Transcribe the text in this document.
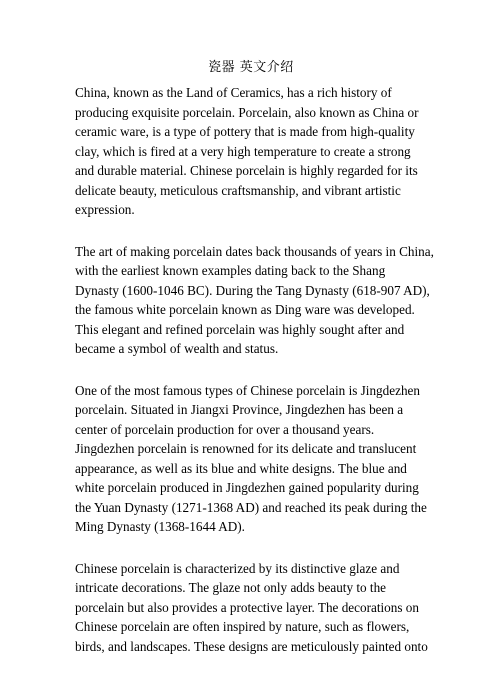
瓷器 英文介绍

China, known as the Land of Ceramics, has a rich history of
producing exquisite porcelain. Porcelain, also known as China or
ceramic ware, is a type of pottery that is made from high-quality
clay, which is fired at a very high temperature to create a strong
and durable material. Chinese porcelain is highly regarded for its
delicate beauty, meticulous craftsmanship, and vibrant artistic
expression.

The art of making porcelain dates back thousands of years in China,
with the earliest known examples dating back to the Shang
Dynasty (1600-1046 BC). During the Tang Dynasty (618-907 AD),
the famous white porcelain known as Ding ware was developed.
This elegant and refined porcelain was highly sought after and
became a symbol of wealth and status.

One of the most famous types of Chinese porcelain is Jingdezhen
porcelain. Situated in Jiangxi Province, Jingdezhen has been a
center of porcelain production for over a thousand years.
Jingdezhen porcelain is renowned for its delicate and translucent
appearance, as well as its blue and white designs. The blue and
white porcelain produced in Jingdezhen gained popularity during
the Yuan Dynasty (1271-1368 AD) and reached its peak during the
Ming Dynasty (1368-1644 AD).

Chinese porcelain is characterized by its distinctive glaze and
intricate decorations. The glaze not only adds beauty to the
porcelain but also provides a protective layer. The decorations on
Chinese porcelain are often inspired by nature, such as flowers,
birds, and landscapes. These designs are meticulously painted onto
